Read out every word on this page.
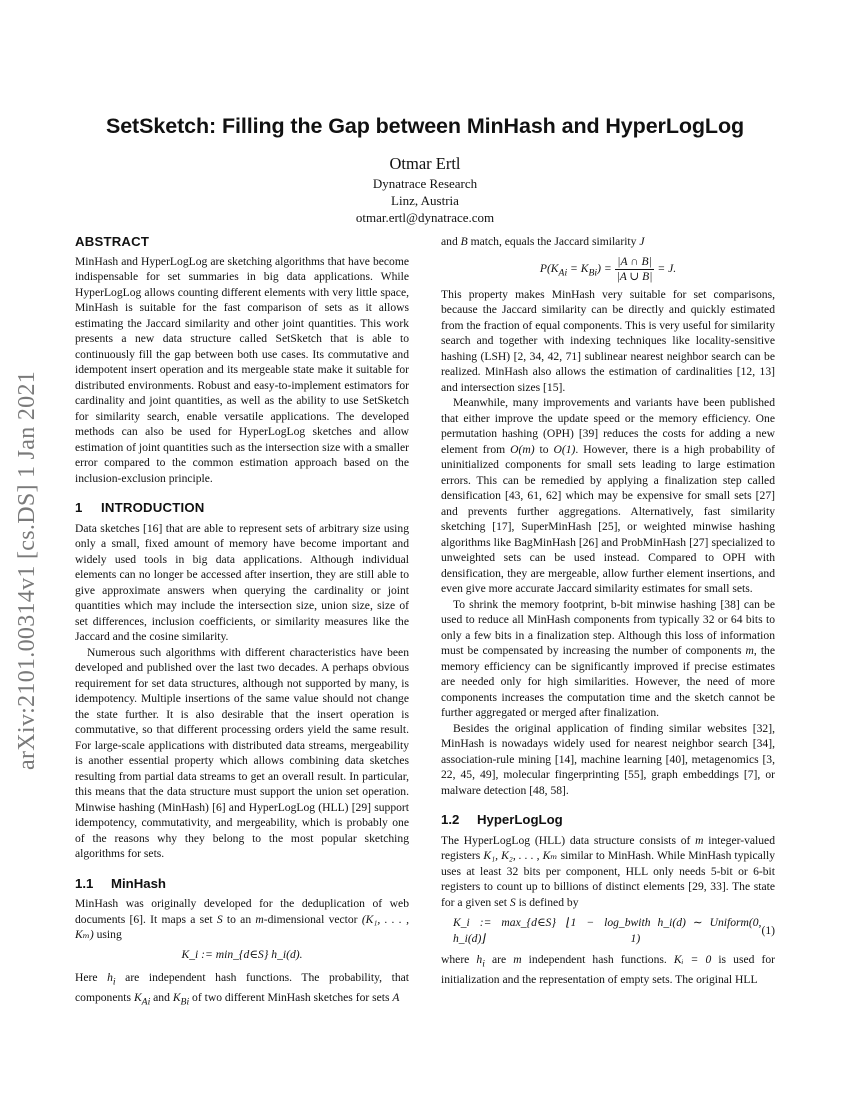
arXiv:2101.00314v1 [cs.DS] 1 Jan 2021
SetSketch: Filling the Gap between MinHash and HyperLogLog
Otmar Ertl
Dynatrace Research
Linz, Austria
otmar.ertl@dynatrace.com

ABSTRACT

MinHash and HyperLogLog are sketching algorithms that have become indispensable for set summaries in big data applications. While HyperLogLog allows counting different elements with very little space, MinHash is suitable for the fast comparison of sets as it allows estimating the Jaccard similarity and other joint quantities. This work presents a new data structure called SetSketch that is able to continuously fill the gap between both use cases. Its commutative and idempotent insert operation and its mergeable state make it suitable for distributed environments. Robust and easy-to-implement estimators for cardinality and joint quantities, as well as the ability to use SetSketch for similarity search, enable versatile applications. The developed methods can also be used for HyperLogLog sketches and allow estimation of joint quantities such as the intersection size with a smaller error compared to the common estimation approach based on the inclusion-exclusion principle.

1 INTRODUCTION

Data sketches [16] that are able to represent sets of arbitrary size using only a small, fixed amount of memory have become important and widely used tools in big data applications. Although individual elements can no longer be accessed after insertion, they are still able to give approximate answers when querying the cardinality or joint quantities which may include the intersection size, union size, size of set differences, inclusion coefficients, or similarity measures like the Jaccard and the cosine similarity.

Numerous such algorithms with different characteristics have been developed and published over the last two decades. A perhaps obvious requirement for set data structures, although not supported by many, is idempotency. Multiple insertions of the same value should not change the state further. It is also desirable that the insert operation is commutative, so that different processing orders yield the same result. For large-scale applications with distributed data streams, mergeability is another essential property which allows combining data sketches resulting from partial data streams to get an overall result. In particular, this means that the data structure must support the union set operation. Minwise hashing (MinHash) [6] and HyperLogLog (HLL) [29] support idempotency, commutativity, and mergeability, which is probably one of the reasons why they belong to the most popular sketching algorithms for sets.

1.1 MinHash

MinHash was originally developed for the deduplication of web documents [6]. It maps a set S to an m-dimensional vector (K₁, . . . , Kₘ) using

K_i := min_{d∈S} h_i(d).

Here $h_i$ are independent hash functions. The probability, that components $K_{Ai}$ and $K_{Bi}$ of two different MinHash sketches for sets A

and B match, equals the Jaccard similarity J

$P(K_{Ai} = K_{Bi}) = \frac{|A \cap B|}{|A \cup B|} = J$.

This property makes MinHash very suitable for set comparisons, because the Jaccard similarity can be directly and quickly estimated from the fraction of equal components. This is very useful for similarity search and together with indexing techniques like locality-sensitive hashing (LSH) [2, 34, 42, 71] sublinear nearest neighbor search can be realized. MinHash also allows the estimation of cardinalities [12, 13] and intersection sizes [15].

Meanwhile, many improvements and variants have been published that either improve the update speed or the memory efficiency. One permutation hashing (OPH) [39] reduces the costs for adding a new element from O(m) to O(1). However, there is a high probability of uninitialized components for small sets leading to large estimation errors. This can be remedied by applying a finalization step called densification [43, 61, 62] which may be expensive for small sets [27] and prevents further aggregations. Alternatively, fast similarity sketching [17], SuperMinHash [25], or weighted minwise hashing algorithms like BagMinHash [26] and ProbMinHash [27] specialized to unweighted sets can be used instead. Compared to OPH with densification, they are mergeable, allow further element insertions, and even give more accurate Jaccard similarity estimates for small sets.

To shrink the memory footprint, b-bit minwise hashing [38] can be used to reduce all MinHash components from typically 32 or 64 bits to only a few bits in a finalization step. Although this loss of information must be compensated by increasing the number of components m, the memory efficiency can be significantly improved if precise estimates are needed only for high similarities. However, the need of more components increases the computation time and the sketch cannot be further aggregated or merged after finalization.

Besides the original application of finding similar websites [32], MinHash is nowadays widely used for nearest neighbor search [34], association-rule mining [14], machine learning [40], metagenomics [3, 22, 45, 49], molecular fingerprinting [55], graph embeddings [7], or malware detection [48, 58].

1.2 HyperLogLog

The HyperLogLog (HLL) data structure consists of m integer-valued registers K₁, K₂, . . . , Kₘ similar to MinHash. While MinHash typically uses at least 32 bits per component, HLL only needs 5-bit or 6-bit registers to count up to billions of distinct elements [29, 33]. The state for a given set S is defined by

K_i := max_{d∈S} ⌊1 − log_b h_i(d)⌋
with h_i(d) ∼ Uniform(0, 1)
(1)

where $h_i$ are m independent hash functions. Kᵢ = 0 is used for initialization and the representation of empty sets. The original HLL
